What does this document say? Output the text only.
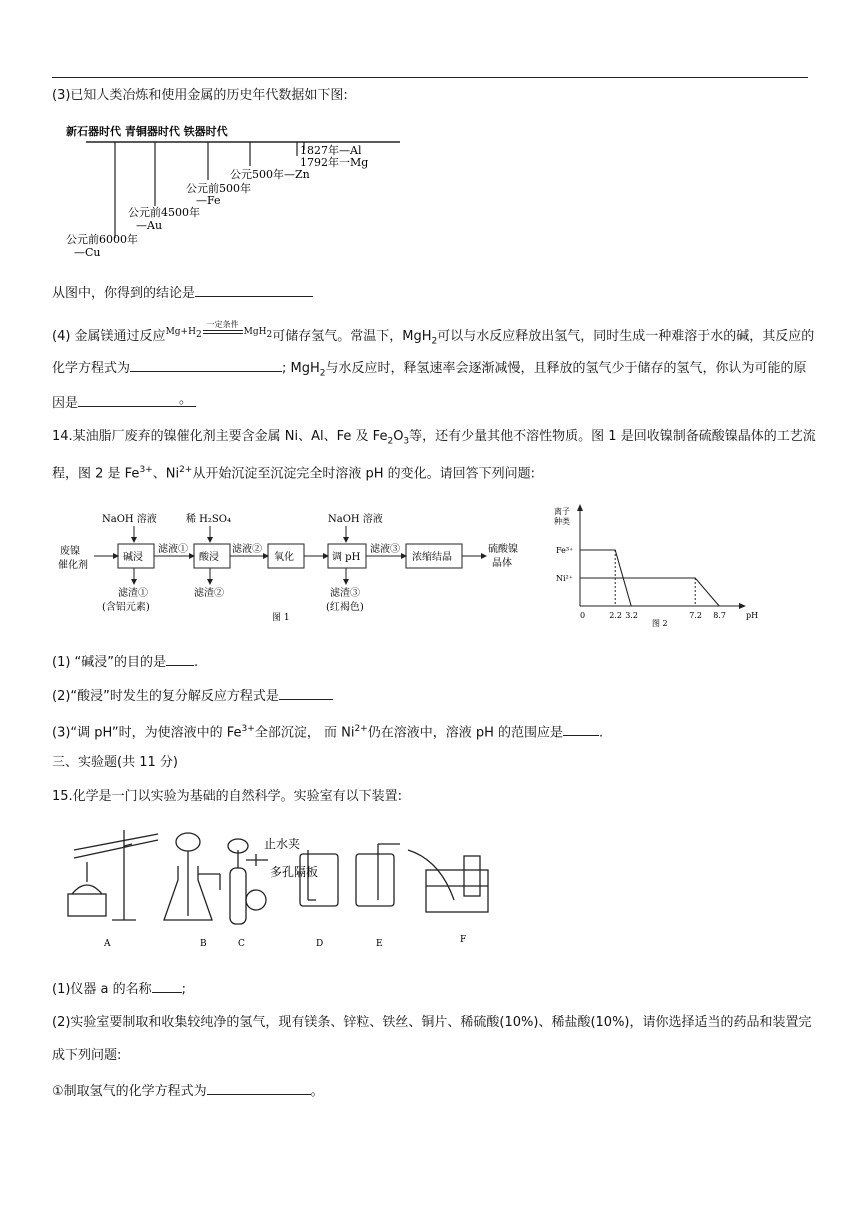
(3)已知人类冶炼和使用金属的历史年代数据如下图:
新石器时代 青铜器时代 铁器时代
1827年—Al
1792年一Mg
公元500年—Zn
公元前500年
—Fe
公元前4500年
—Au
公元前6000年
—Cu
从图中，你得到的结论是
(4) 金属镁通过反应$Mg+H_2$
一定条件
MgH$_2$可储存氢气。常温下，MgH$_2$可以与水反应释放出氢气，同时生成一种难溶于水的碱，其反应的
化学方程式为	; MgH$_2$与水反应时，释氢速率会逐渐减慢，且释放的氢气少于储存的氢气，你认为可能的原
因是	。
14.某油脂厂废弃的镍催化剂主要含金属 Ni、Al、Fe 及 $Fe_2O_3$等，还有少量其他不溶性物质。图 1 是回收镍制备硫酸镍晶体的工艺流
程，图 2 是 $Fe^{3+}$、$Ni^{2+}$从开始沉淀至沉淀完全时溶液 pH 的变化。请回答下列问题:
废镍
催化剂
NaOH 溶液
碱浸
滤液①
滤渣①
(含铝元素)
稀 H₂SO₄
酸浸
滤液②
滤渣②
氧化
NaOH 溶液
调 pH
滤液③
滤渣③
(红褐色)
浓缩结晶
硫酸镍
晶体
图 1
离子
种类
Fe³⁺
Ni²⁺
pH
0	2.2 3.2	7.2 8.7
图 2
(1) “碱浸”的目的是 .
(2)“酸浸”时发生的复分解反应方程式是
(3)“调 pH”时，为使溶液中的 $Fe^{3+}$全部沉淀， 而 $Ni^{2+}$仍在溶液中，溶液 pH 的范围应是	.
三、实验题(共 11 分)
15.化学是一门以实验为基础的自然科学。实验室有以下装置:
止水夹
多孔隔板
A	B	C	D	E	F
(1)仪器 a 的名称 ;
(2)实验室要制取和收集较纯净的氢气，现有镁条、锌粒、铁丝、铜片、稀硫酸(10%)、稀盐酸(10%)，请你选择适当的药品和装置完
成下列问题:
①制取氢气的化学方程式为	。
